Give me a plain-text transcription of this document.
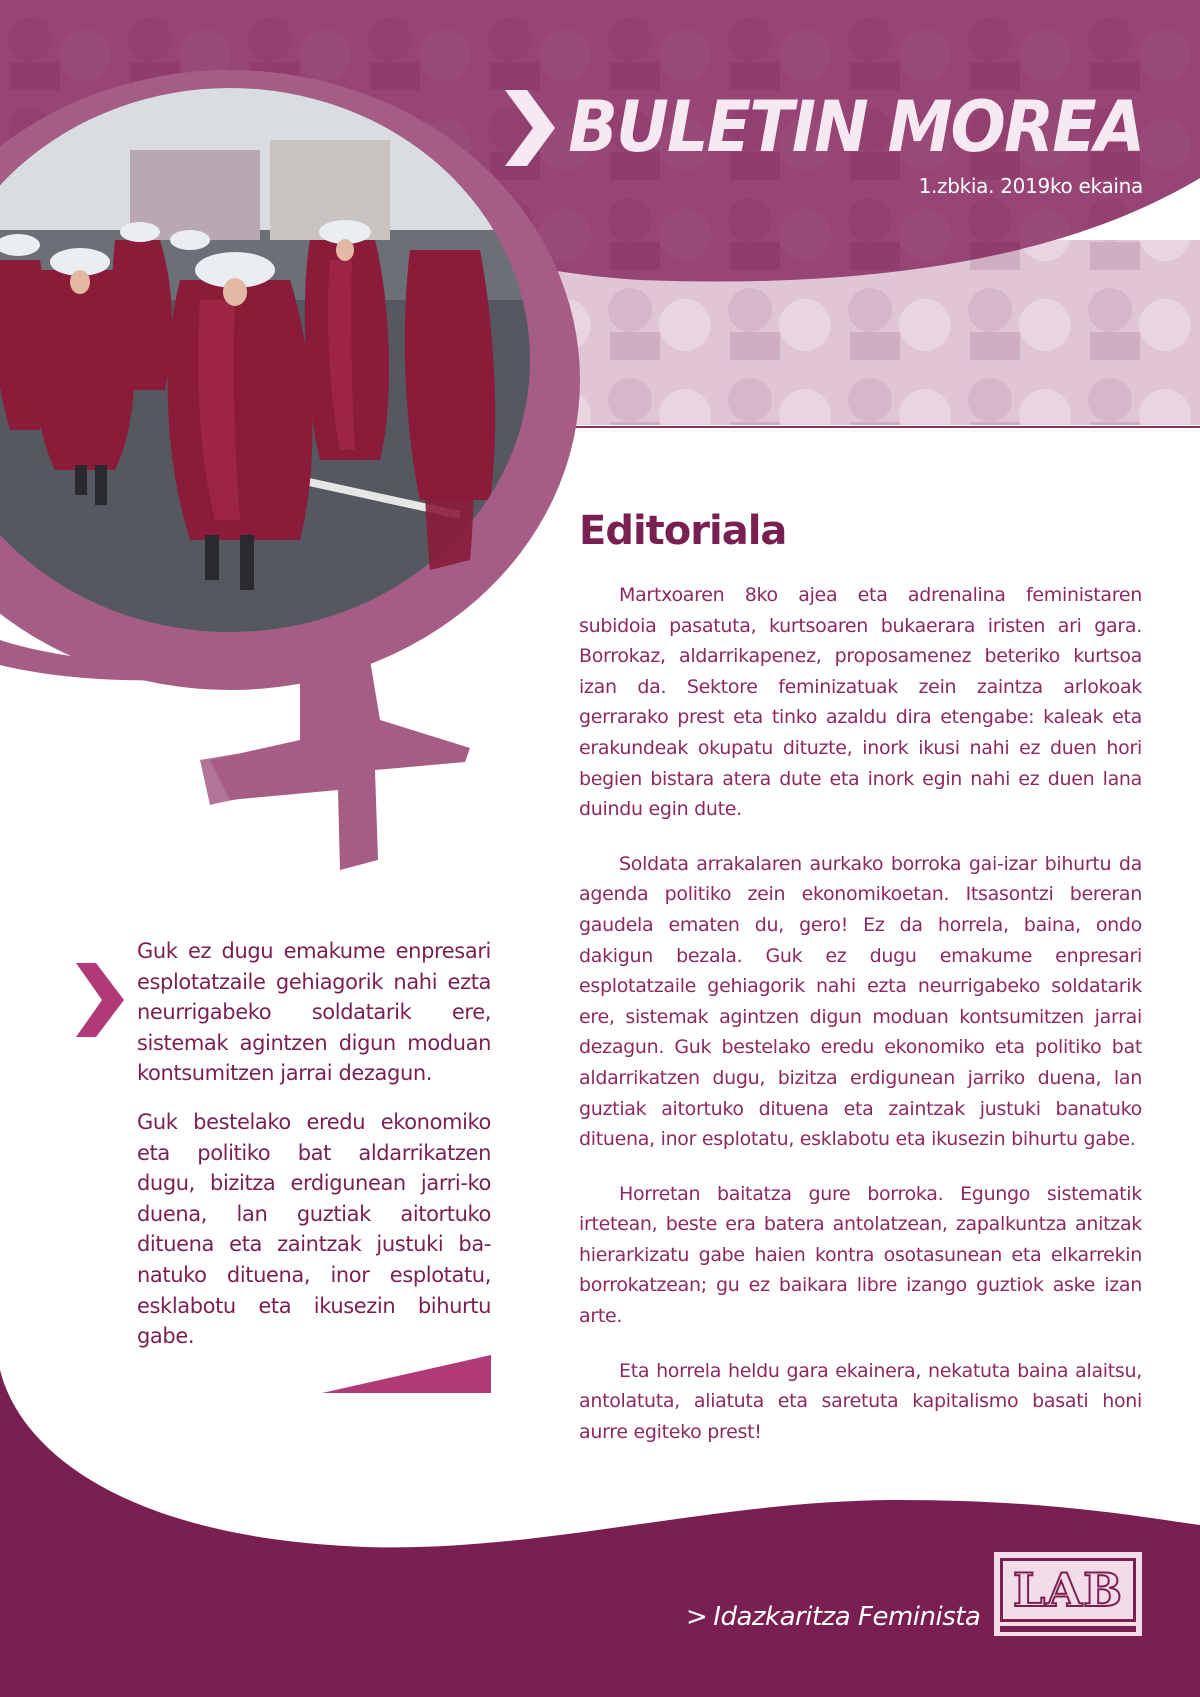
BULETIN MOREA
1.zbkia. 2019ko ekaina
Editoriala

Martxoaren 8ko ajea eta adrenalina feministaren subidoia pasatuta, kurtsoaren bukaerara iristen ari gara. Borrokaz, aldarrikapenez, proposamenez beteriko kurtsoa izan da. Sektore feminizatuak zein zaintza arlokoak gerrarako prest eta tinko azaldu dira etengabe: kaleak eta erakundeak okupatu dituzte, inork ikusi nahi ez duen hori begien bistara atera dute eta inork egin nahi ez duen lana duindu egin dute.

Soldata arrakalaren aurkako borroka gai-izar bihurtu da agenda politiko zein ekonomikoetan. Itsasontzi bereran gaudela ematen du, gero! Ez da horrela, baina, ondo dakigun bezala. Guk ez dugu emakume enpresari esplotatzaile gehiagorik nahi ezta neurrigabeko soldatarik ere, sistemak agintzen digun moduan kontsumitzen jarrai dezagun. Guk bestelako eredu ekonomiko eta politiko bat aldarrikatzen dugu, bizitza erdigunean jarriko duena, lan guztiak aitortuko dituena eta zaintzak justuki banatuko dituena, inor esplotatu, esklabotu eta ikusezin bihurtu gabe.

Horretan baitatza gure borroka. Egungo sistematik irtetean, beste era batera antolatzean, zapalkuntza anitzak hierarkizatu gabe haien kontra osotasunean eta elkarrekin borrokatzean; gu ez baikara libre izango guztiok aske izan arte.

Eta horrela heldu gara ekainera, nekatuta baina alaitsu, antolatuta, aliatuta eta saretuta kapitalismo basati honi aurre egiteko prest!

Guk ez dugu emakume enpresari esplotatzaile gehiagorik nahi ezta neurrigabeko soldatarik ere, sistemak agintzen digun moduan kontsumitzen jarrai dezagun.

Guk bestelako eredu ekonomiko eta politiko bat aldarrikatzen dugu, bizitza erdigunean jarri-ko duena, lan guztiak aitortuko dituena eta zaintzak justuki ba-natuko dituena, inor esplotatu, esklabotu eta ikusezin bihurtu gabe.

> Idazkaritza Feminista LAB
